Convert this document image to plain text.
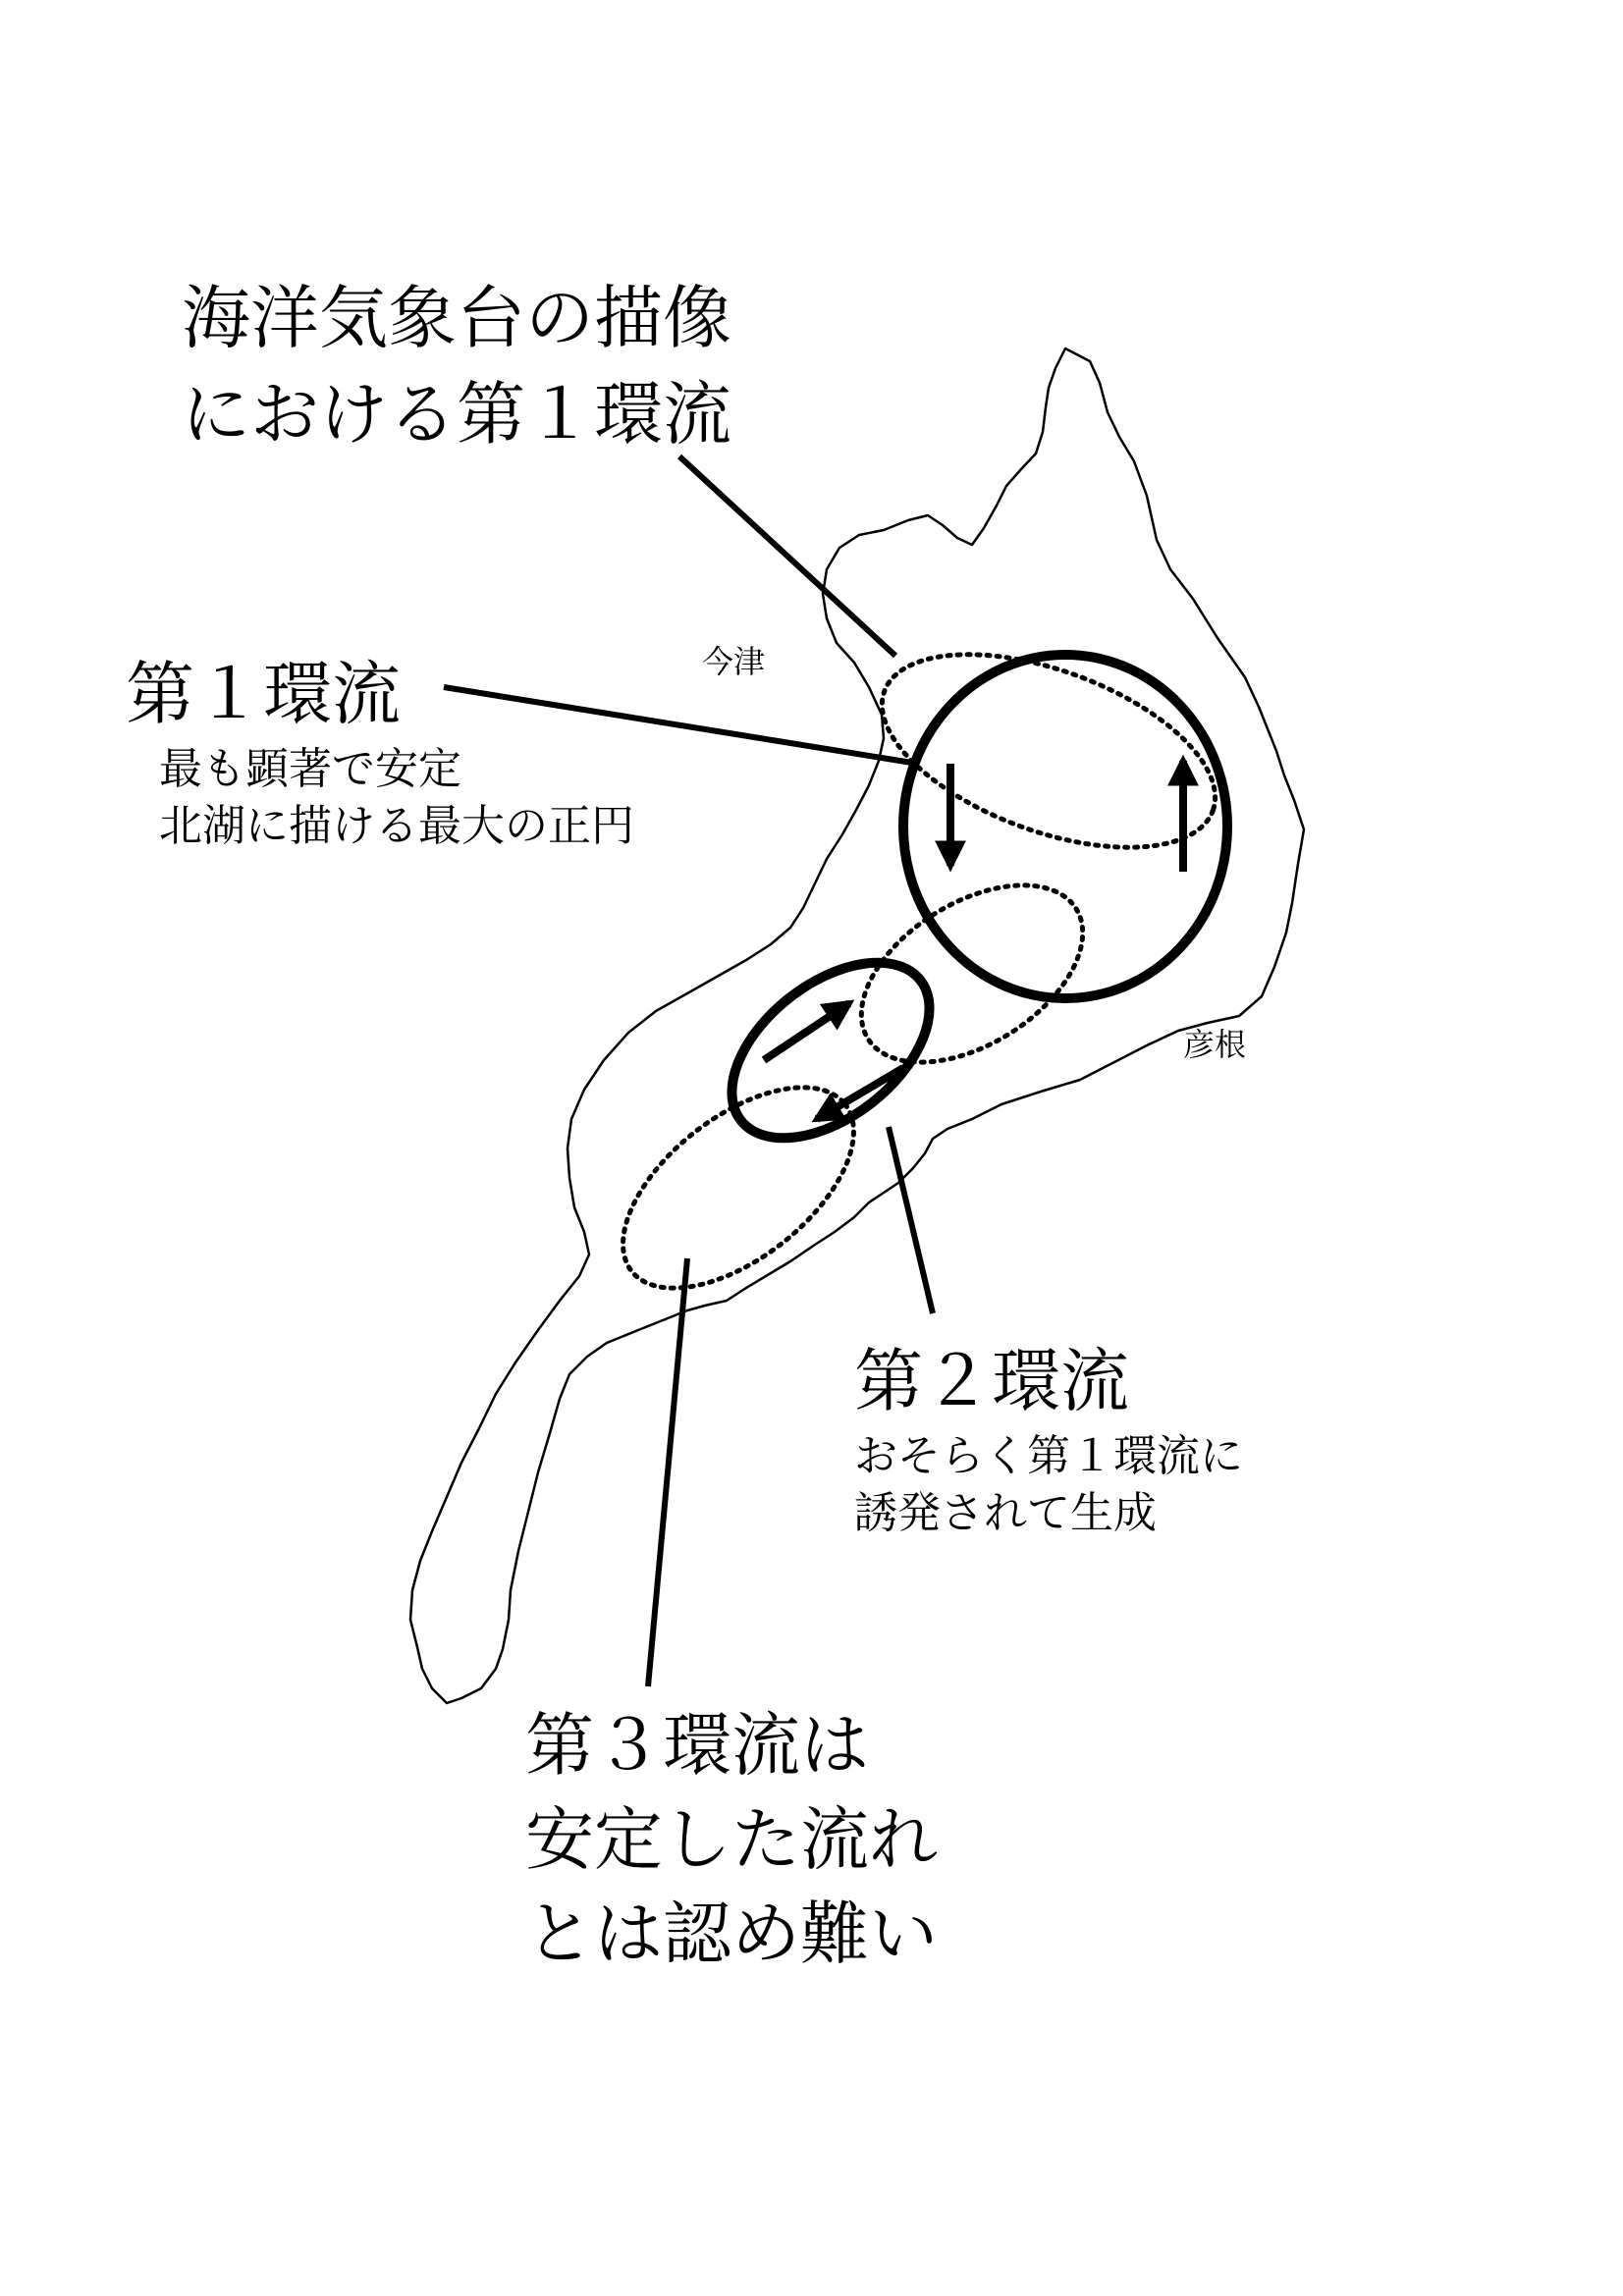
海洋気象台の描像
における第１環流
第１環流
最も顕著で安定
北湖に描ける最大の正円
第２環流
おそらく第１環流に
誘発されて生成
第３環流は
安定した流れ
とは認め難い
今津
彦根
